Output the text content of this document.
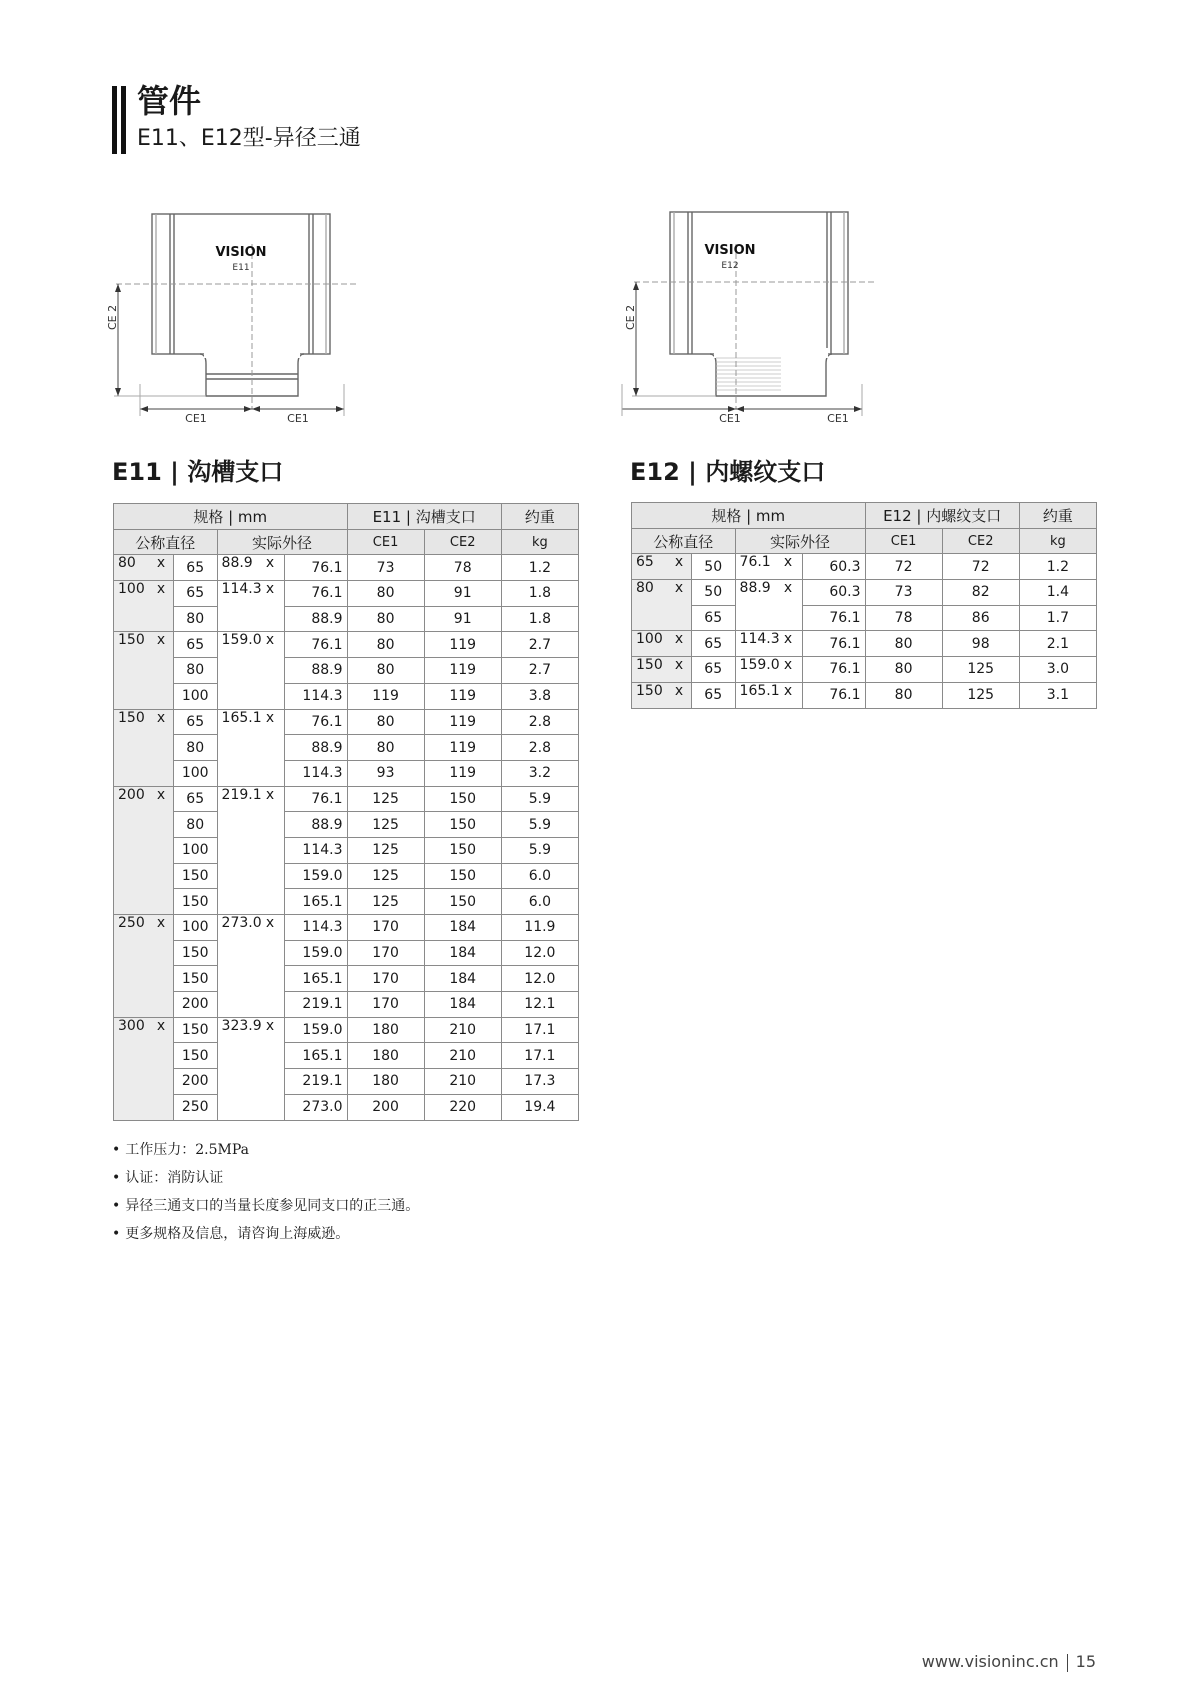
管件
E11、E12型-异径三通
VISION
E11
CE 2
CE1	CE1
VISION
E12
CE 2
CE1	CE1
E11 | 沟槽支口	E12 | 内螺纹支口
规格 | mm						E11 | 沟槽支口		约重
公称直径			实际外径			CE1	CE2	kg
80	x	65	88.9	x	76.1	73	78	1.2
100	x	65	114.3	x	76.1	80	91	1.8
		80			88.9	80	91	1.8
150	x	65	159.0	x	76.1	80	119	2.7
		80			88.9	80	119	2.7
		100			114.3	119	119	3.8
150	x	65	165.1	x	76.1	80	119	2.8
		80			88.9	80	119	2.8
		100			114.3	93	119	3.2
200	x	65	219.1	x	76.1	125	150	5.9
		80			88.9	125	150	5.9
		100			114.3	125	150	5.9
		150			159.0	125	150	6.0
		150			165.1	125	150	6.0
250	x	100	273.0	x	114.3	170	184	11.9
		150			159.0	170	184	12.0
		150			165.1	170	184	12.0
		200			219.1	170	184	12.1
300	x	150	323.9	x	159.0	180	210	17.1
		150			165.1	180	210	17.1
		200			219.1	180	210	17.3
		250			273.0	200	220	19.4
规格 | mm						E12 | 内螺纹支口		约重
公称直径			实际外径			CE1	CE2	kg
65	x	50	76.1	x	60.3	72	72	1.2
80	x	50	88.9	x	60.3	73	82	1.4
		65			76.1	78	86	1.7
100	x	65	114.3	x	76.1	80	98	2.1
150	x	65	159.0	x	76.1	80	125	3.0
150	x	65	165.1	x	76.1	80	125	3.1
• 工作压力：2.5MPa
• 认证：消防认证
• 异径三通支口的当量长度参见同支口的正三通。
• 更多规格及信息，请咨询上海威逊。
www.visioninc.cn 15
